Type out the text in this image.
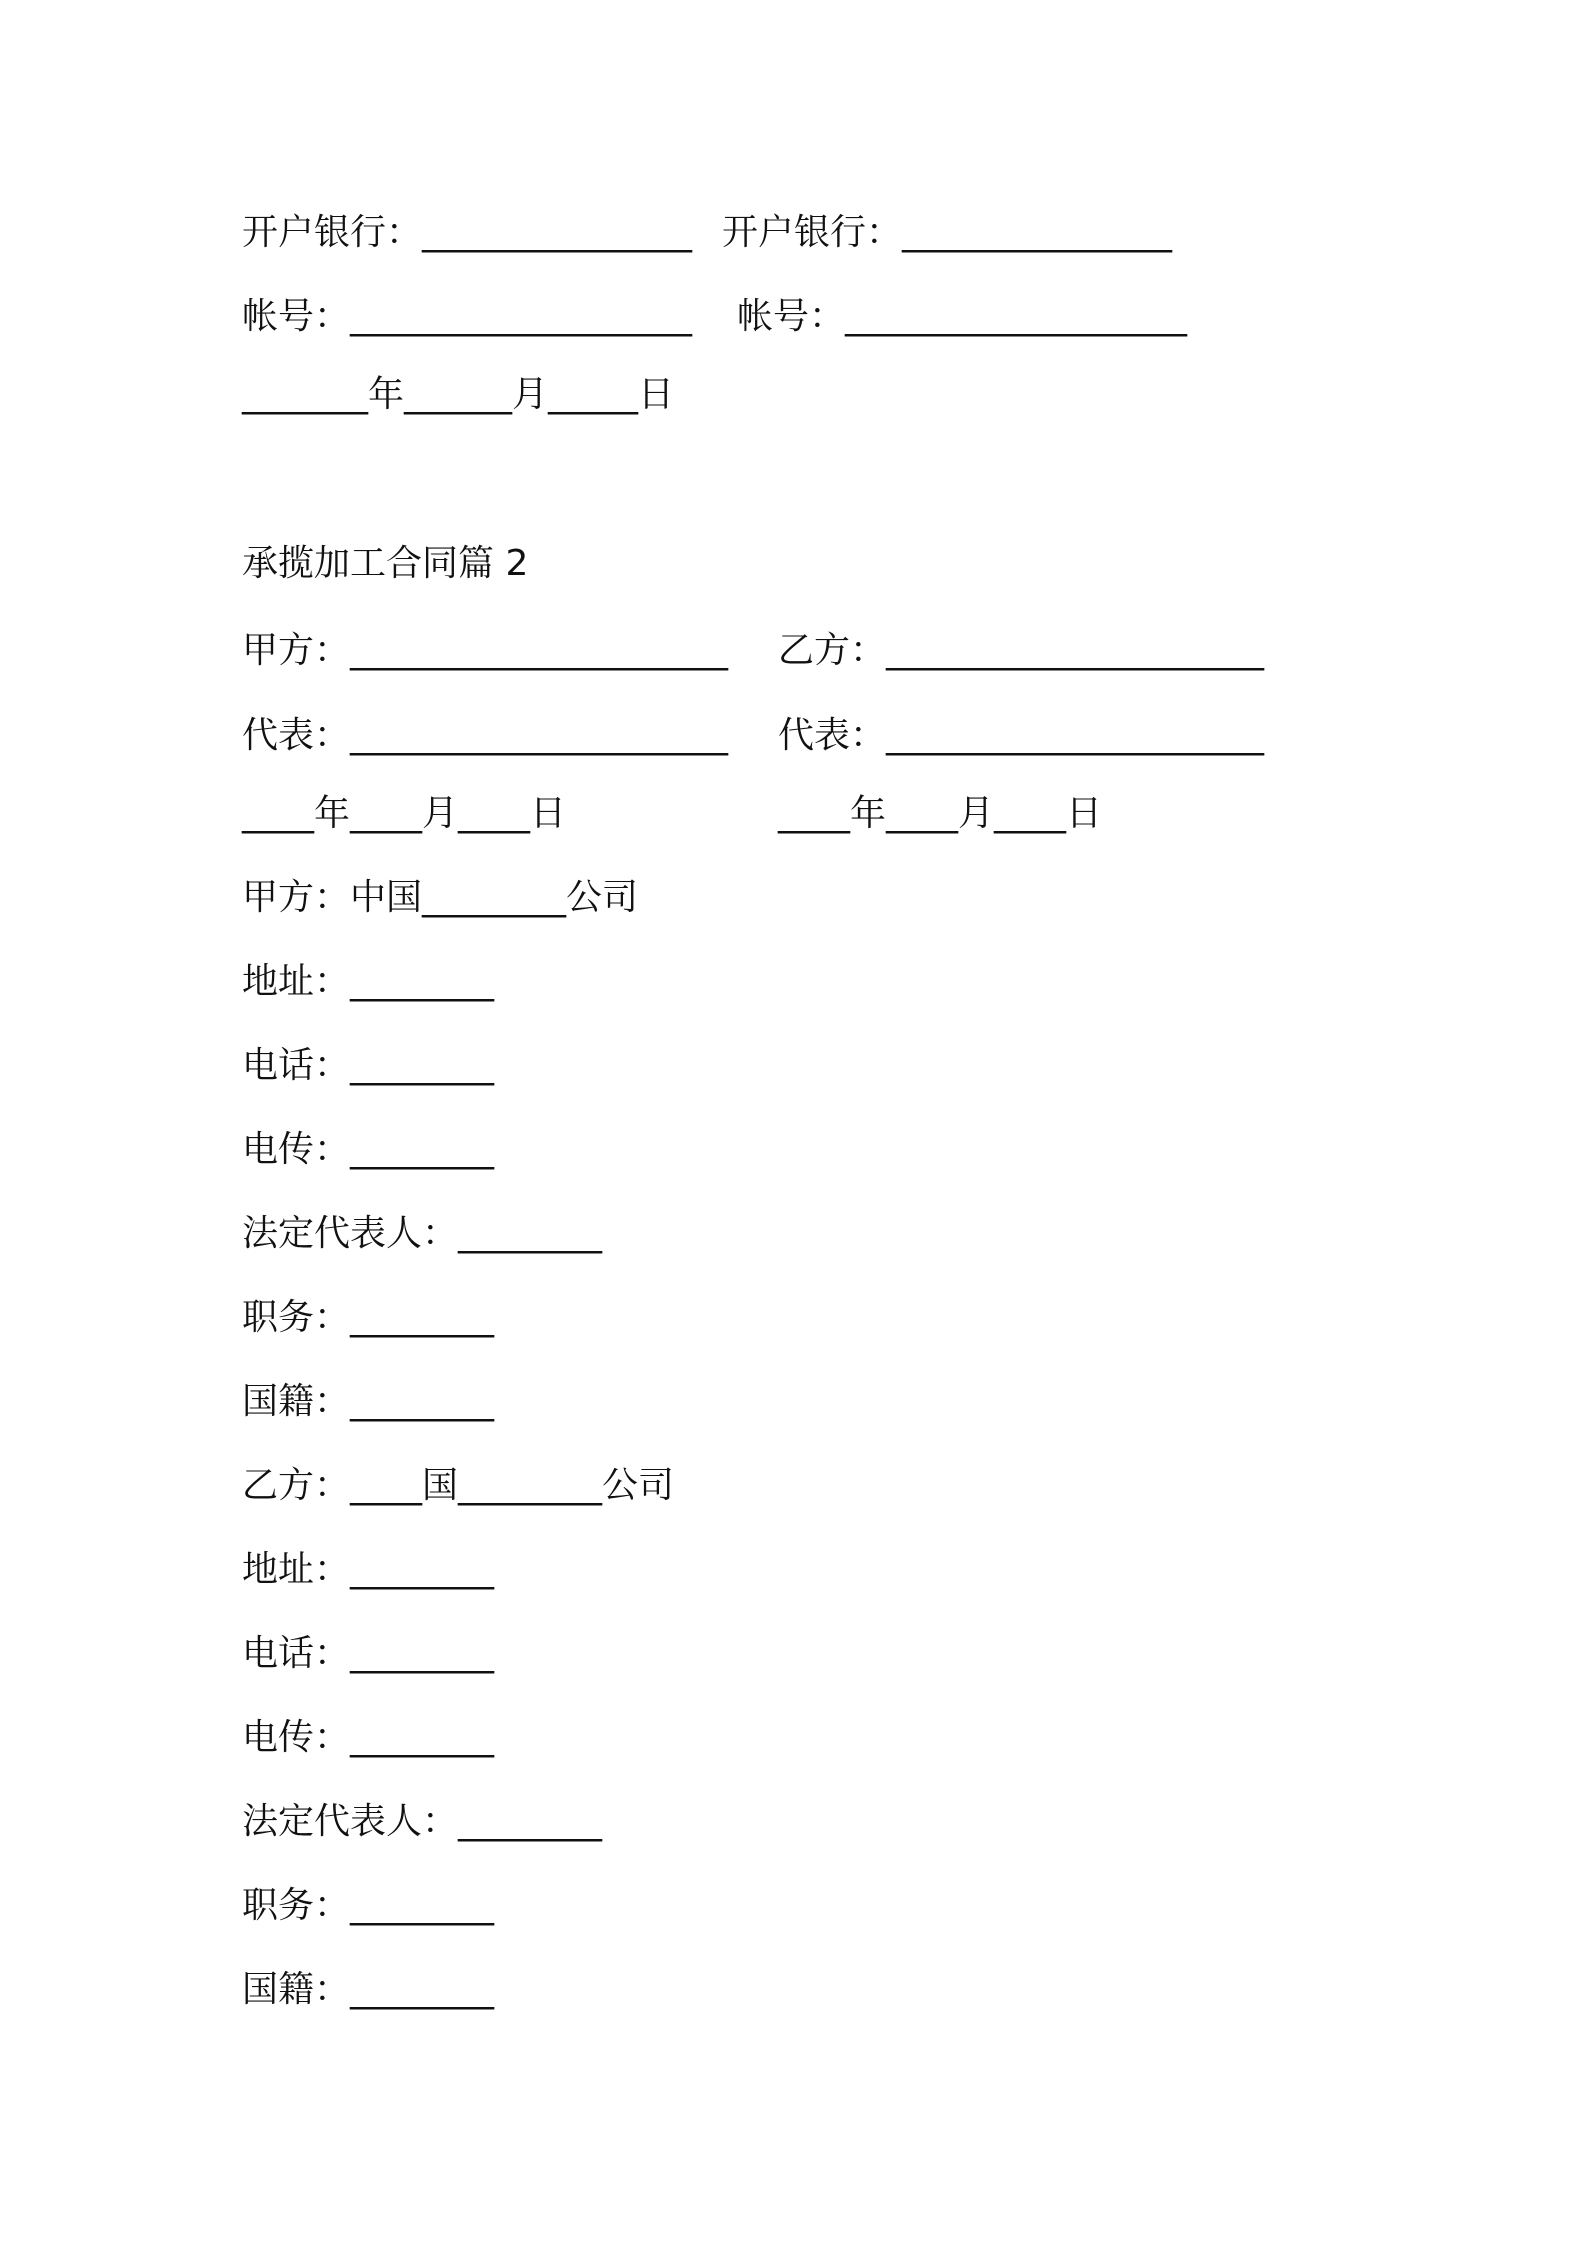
开户银行：_______________ 开户银行：_______________
帐号：___________________ 帐号：___________________
_______年______月_____日
承揽加工合同篇 2
甲方：_____________________ 乙方：_____________________
代表：_____________________ 代表：_____________________
____年____月____日	____年____月____日
甲方：中国________公司
地址：________
电话：________
电传：________
法定代表人：________
职务：________
国籍：________
乙方：____国________公司
地址：________
电话：________
电传：________
法定代表人：________
职务：________
国籍：________
